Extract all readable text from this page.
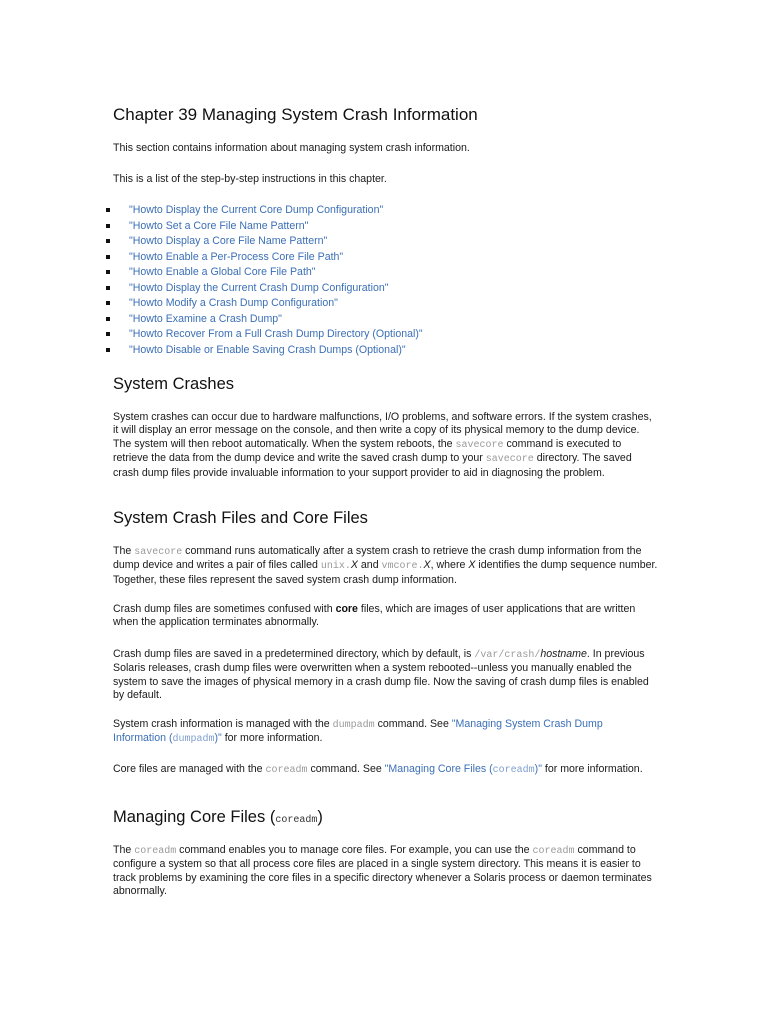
Chapter 39 Managing System Crash Information

This section contains information about managing system crash information.

This is a list of the step-by-step instructions in this chapter.

"Howto Display the Current Core Dump Configuration"
"Howto Set a Core File Name Pattern"
"Howto Display a Core File Name Pattern"
"Howto Enable a Per-Process Core File Path"
"Howto Enable a Global Core File Path"
"Howto Display the Current Crash Dump Configuration"
"Howto Modify a Crash Dump Configuration"
"Howto Examine a Crash Dump"
"Howto Recover From a Full Crash Dump Directory (Optional)"
"Howto Disable or Enable Saving Crash Dumps (Optional)"
System Crashes

System crashes can occur due to hardware malfunctions, I/O problems, and software errors. If the system crashes, it will display an error message on the console, and then write a copy of its physical memory to the dump device. The system will then reboot automatically. When the system reboots, the savecore command is executed to retrieve the data from the dump device and write the saved crash dump to your savecore directory. The saved crash dump files provide invaluable information to your support provider to aid in diagnosing the problem.

System Crash Files and Core Files

The savecore command runs automatically after a system crash to retrieve the crash dump information from the dump device and writes a pair of files called unix.X and vmcore.X, where X identifies the dump sequence number. Together, these files represent the saved system crash dump information.

Crash dump files are sometimes confused with core files, which are images of user applications that are written when the application terminates abnormally.

Crash dump files are saved in a predetermined directory, which by default, is /var/crash/hostname. In previous Solaris releases, crash dump files were overwritten when a system rebooted--unless you manually enabled the system to save the images of physical memory in a crash dump file. Now the saving of crash dump files is enabled by default.

System crash information is managed with the dumpadm command. See "Managing System Crash Dump Information (dumpadm)" for more information.

Core files are managed with the coreadm command. See "Managing Core Files (coreadm)" for more information.

Managing Core Files (coreadm)

The coreadm command enables you to manage core files. For example, you can use the coreadm command to configure a system so that all process core files are placed in a single system directory. This means it is easier to track problems by examining the core files in a specific directory whenever a Solaris process or daemon terminates abnormally.
